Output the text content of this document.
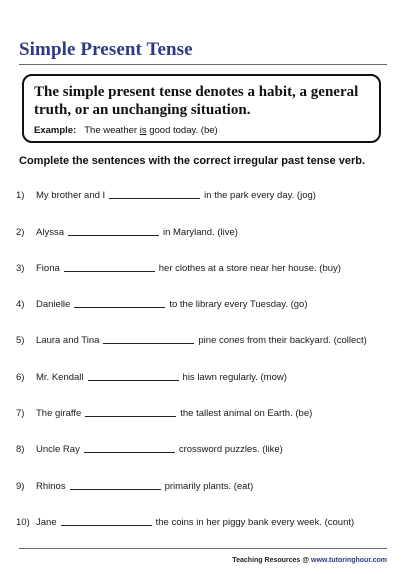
Simple Present Tense
The simple present tense denotes a habit, a general truth, or an unchanging situation.
Example: The weather is good today. (be)
Complete the sentences with the correct irregular past tense verb.
1) My brother and I	in the park every day. (jog)
2) Alyssa	in Maryland. (live)
3) Fiona	her clothes at a store near her house. (buy)
4) Danielle	to the library every Tuesday. (go)
5) Laura and Tina	pine cones from their backyard. (collect)
6) Mr. Kendall	his lawn regularly. (mow)
7) The giraffe	the tallest animal on Earth. (be)
8) Uncle Ray	crossword puzzles. (like)
9) Rhinos	primarily plants. (eat)
10) Jane	the coins in her piggy bank every week. (count)
Teaching Resources @ www.tutoringhour.com
